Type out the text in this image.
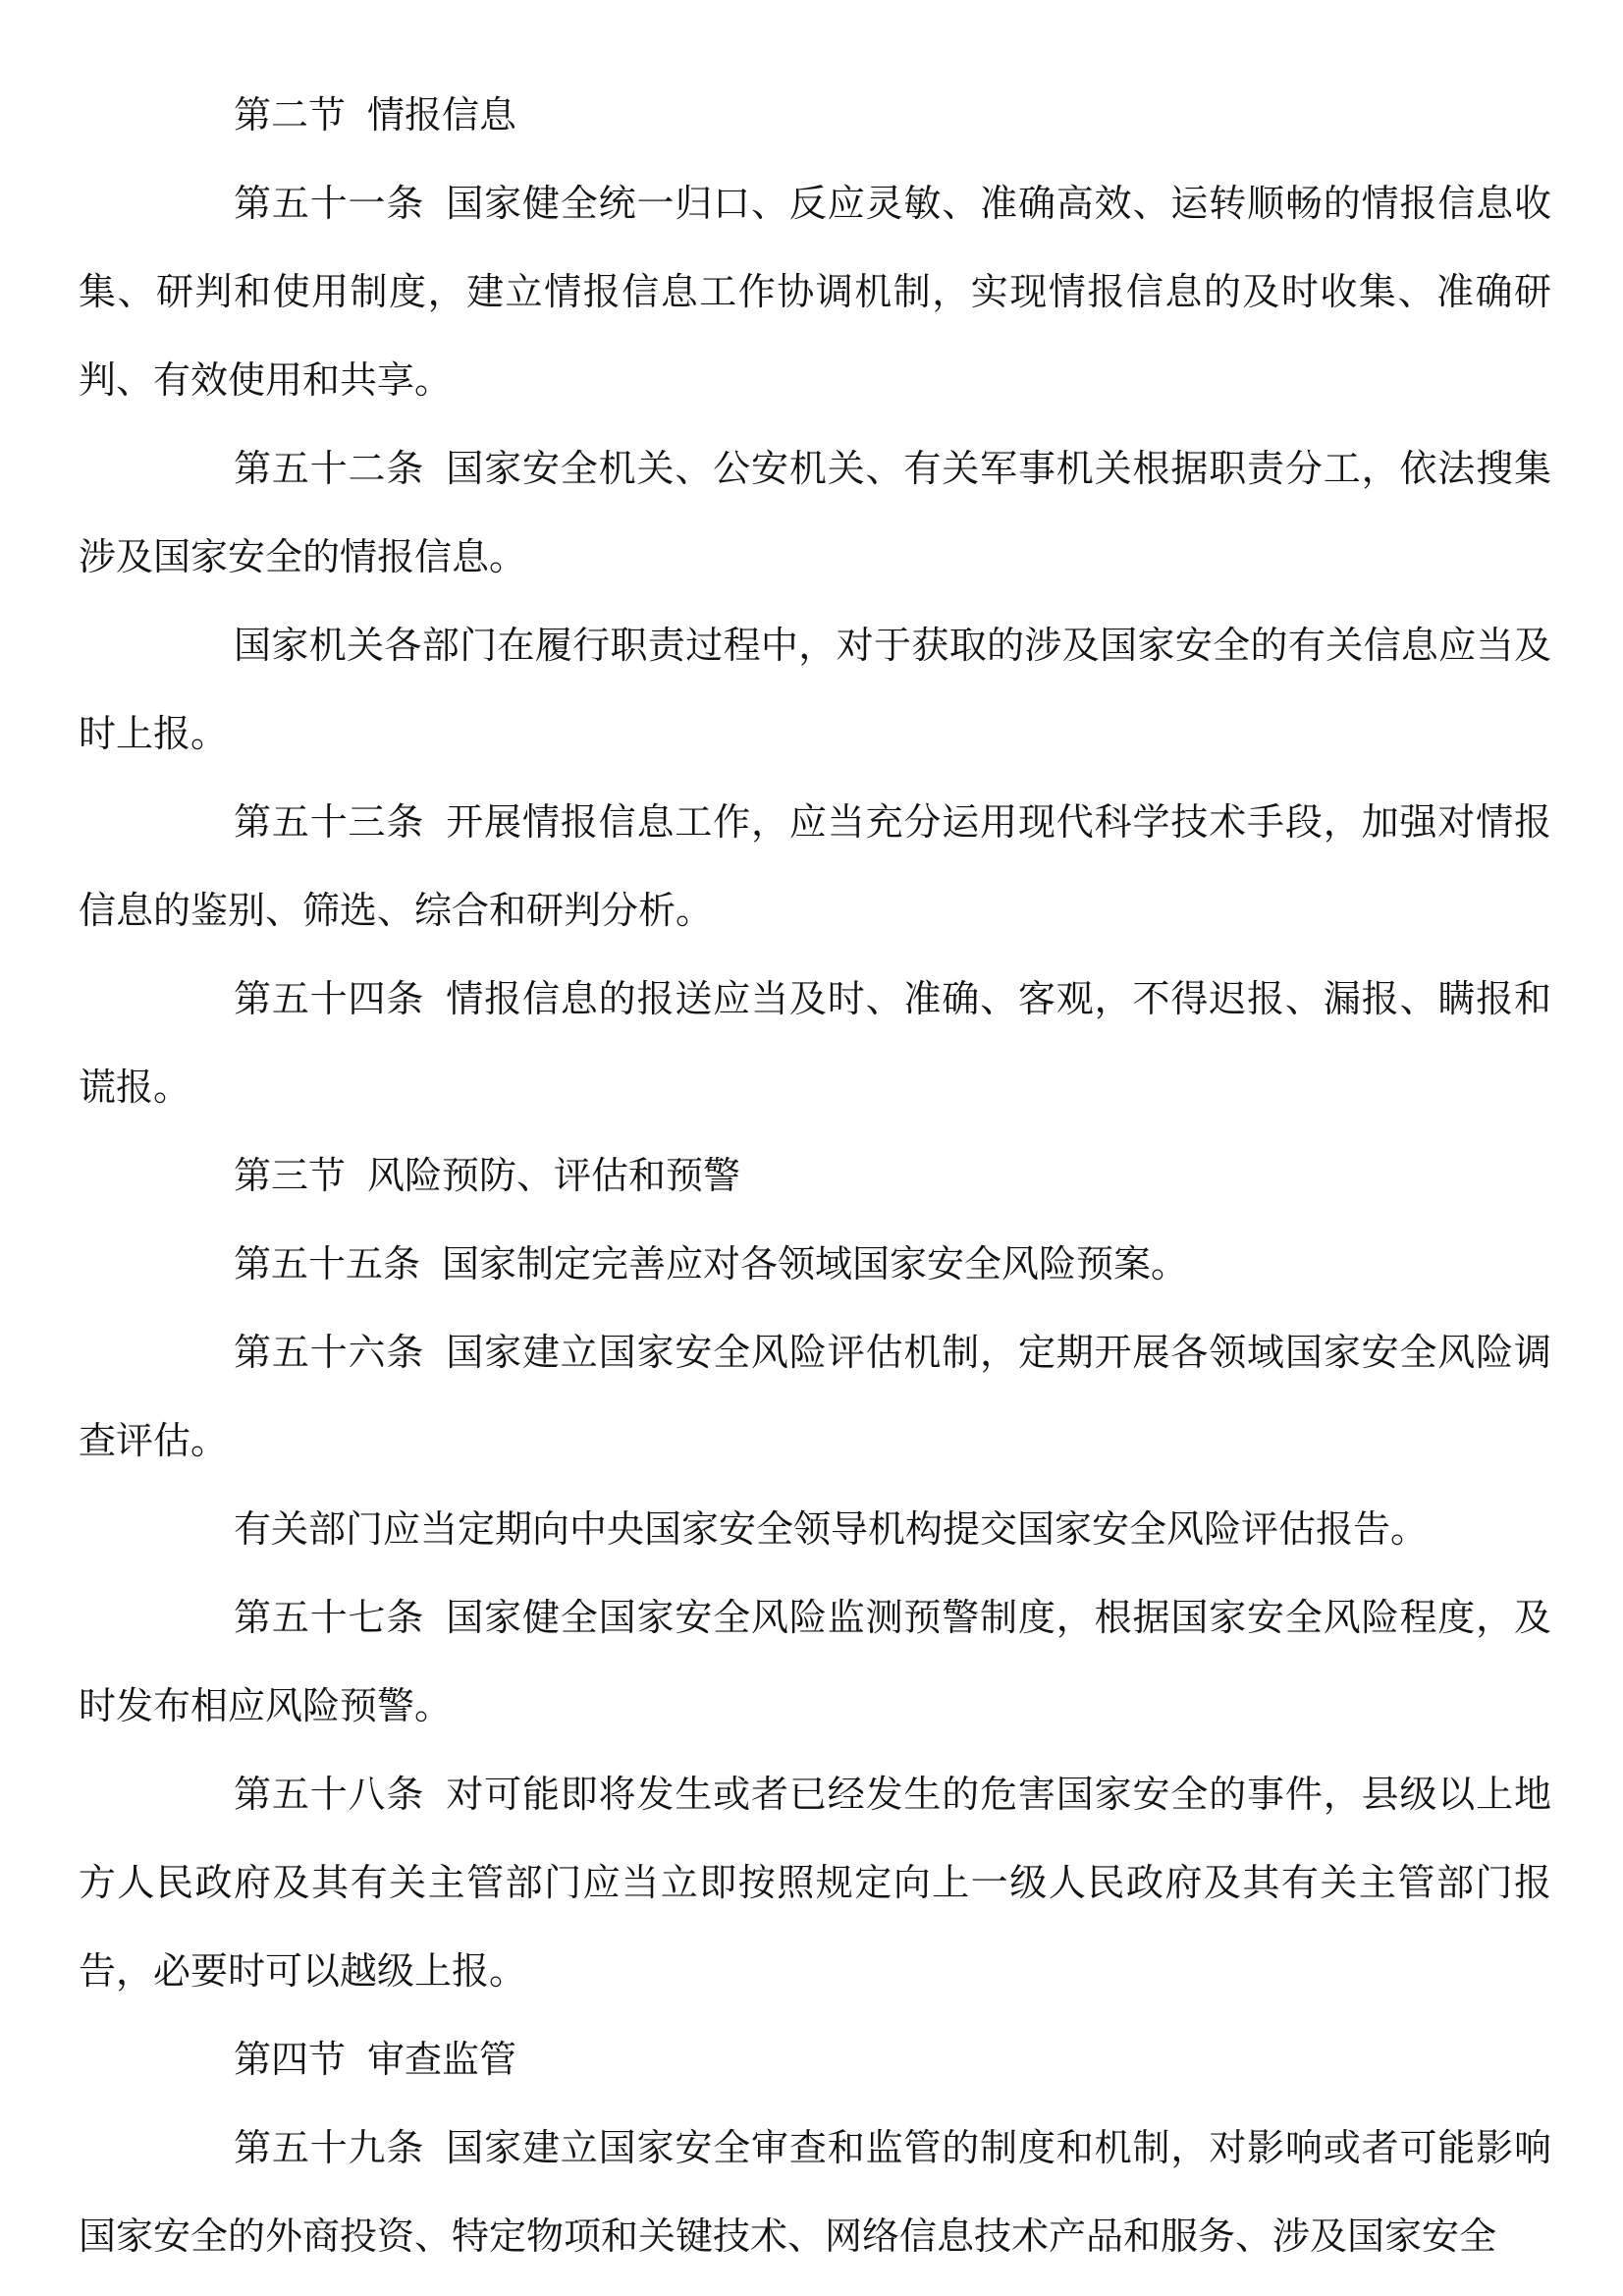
第二节 情报信息

第五十一条 国家健全统一归口、反应灵敏、准确高效、运转顺畅的情报信息收集、研判和使用制度，建立情报信息工作协调机制，实现情报信息的及时收集、准确研判、有效使用和共享。

第五十二条 国家安全机关、公安机关、有关军事机关根据职责分工，依法搜集涉及国家安全的情报信息。

国家机关各部门在履行职责过程中，对于获取的涉及国家安全的有关信息应当及时上报。

第五十三条 开展情报信息工作，应当充分运用现代科学技术手段，加强对情报信息的鉴别、筛选、综合和研判分析。

第五十四条 情报信息的报送应当及时、准确、客观，不得迟报、漏报、瞒报和谎报。

第三节 风险预防、评估和预警

第五十五条 国家制定完善应对各领域国家安全风险预案。

第五十六条 国家建立国家安全风险评估机制，定期开展各领域国家安全风险调查评估。

有关部门应当定期向中央国家安全领导机构提交国家安全风险评估报告。

第五十七条 国家健全国家安全风险监测预警制度，根据国家安全风险程度，及时发布相应风险预警。

第五十八条 对可能即将发生或者已经发生的危害国家安全的事件，县级以上地方人民政府及其有关主管部门应当立即按照规定向上一级人民政府及其有关主管部门报告，必要时可以越级上报。

第四节 审查监管

第五十九条 国家建立国家安全审查和监管的制度和机制，对影响或者可能影响国家安全的外商投资、特定物项和关键技术、网络信息技术产品和服务、涉及国家安全
